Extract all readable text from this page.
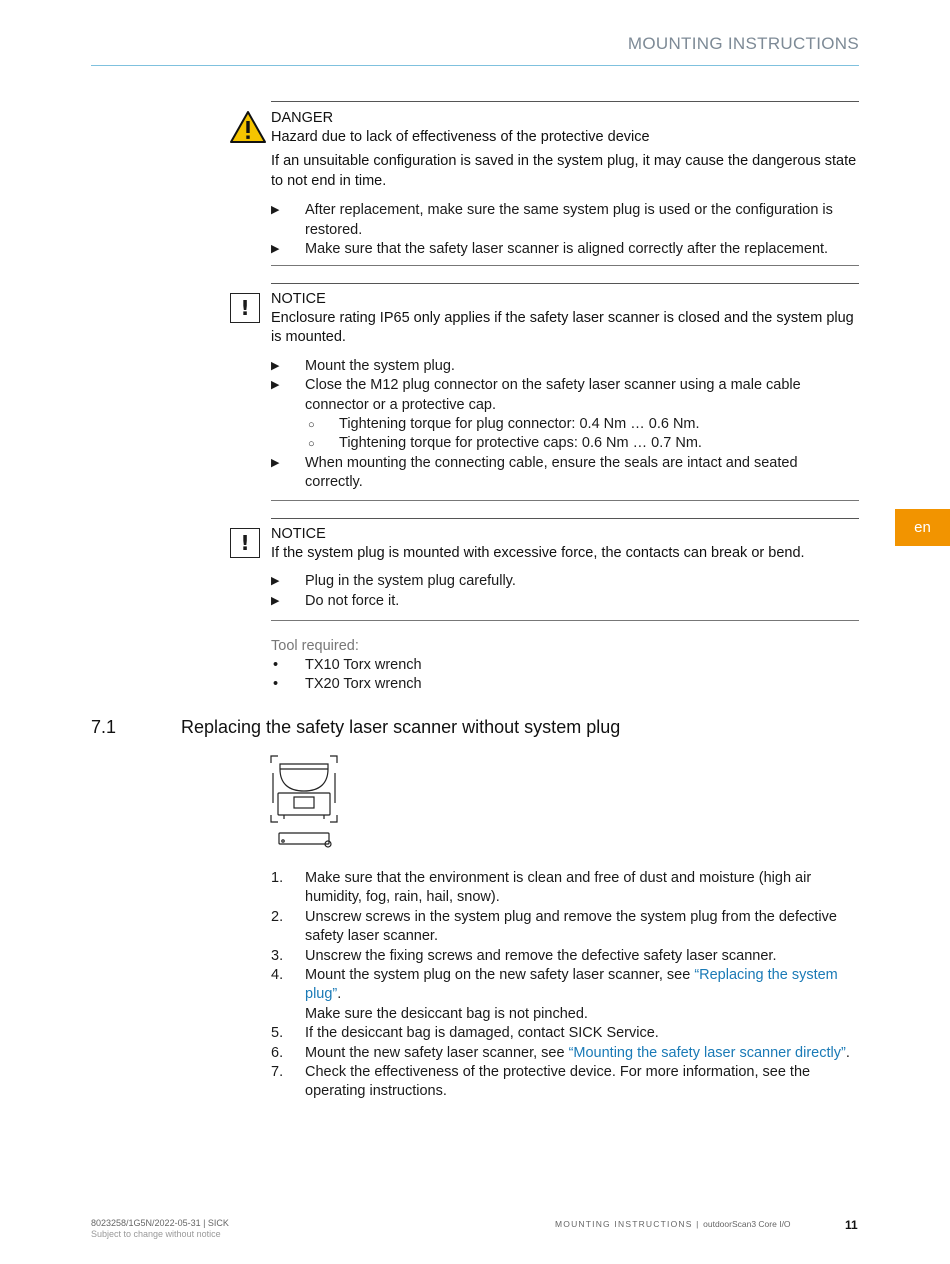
MOUNTING INSTRUCTIONS
DANGER
Hazard due to lack of effectiveness of the protective device
If an unsuitable configuration is saved in the system plug, it may cause the dangerous state to not end in time.
▶ After replacement, make sure the same system plug is used or the configuration is restored.
▶ Make sure that the safety laser scanner is aligned correctly after the replacement.
!	NOTICE
Enclosure rating IP65 only applies if the safety laser scanner is closed and the system plug is mounted.
▶ Mount the system plug.
▶ Close the M12 plug connector on the safety laser scanner using a male cable connector or a protective cap.
○ Tightening torque for plug connector: 0.4 Nm … 0.6 Nm.
○ Tightening torque for protective caps: 0.6 Nm … 0.7 Nm.
▶ When mounting the connecting cable, ensure the seals are intact and seated correctly.
!	NOTICE
If the system plug is mounted with excessive force, the contacts can break or bend.
▶ Plug in the system plug carefully.
▶ Do not force it.
Tool required:
• TX10 Torx wrench
• TX20 Torx wrench
7.1	Replacing the safety laser scanner without system plug
1. Make sure that the environment is clean and free of dust and moisture (high air humidity, fog, rain, hail, snow).
2. Unscrew screws in the system plug and remove the system plug from the defective safety laser scanner.
3. Unscrew the fixing screws and remove the defective safety laser scanner.
4. Mount the system plug on the new safety laser scanner, see “Replacing the system plug”.
Make sure the desiccant bag is not pinched.
5. If the desiccant bag is damaged, contact SICK Service.
6. Mount the new safety laser scanner, see “Mounting the safety laser scanner directly”.
7. Check the effectiveness of the protective device. For more information, see the operating instructions.
en
8023258/1G5N/2022-05-31 | SICK
Subject to change without notice
MOUNTING INSTRUCTIONS | outdoorScan3 Core I/O	11
